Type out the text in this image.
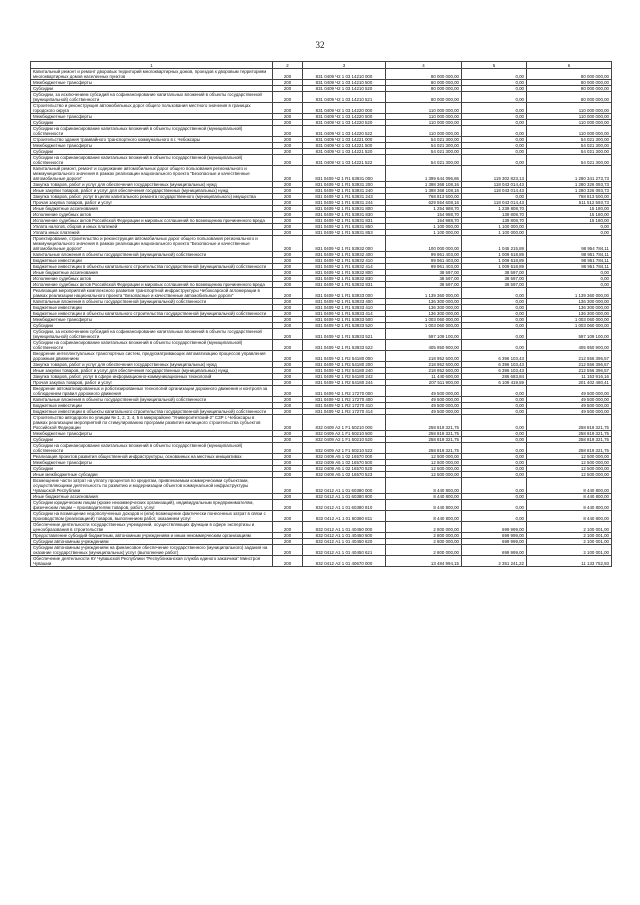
32
1	2	3	4	5	6
Капитальный ремонт и ремонт дворовых территорий многоквартирных домов, проездов к дворовым территориям многоквартирных домов населенных пунктов	200	831 0409 Ч2 1 03 14210 000	80 000 000,00	0,00	80 000 000,00
Межбюджетные трансферты	200	831 0409 Ч2 1 03 14210 500	80 000 000,00	0,00	80 000 000,00
Субсидии	200	831 0409 Ч2 1 03 14210 520	80 000 000,00	0,00	80 000 000,00
Субсидии, за исключением субсидий на софинансирование капитальных вложений в объекты государственной (муниципальной) собственности	200	831 0409 Ч2 1 03 14210 521	80 000 000,00	0,00	80 000 000,00
Строительство и реконструкция автомобильных дорог общего пользования местного значения в границах городского округа	200	831 0409 Ч2 1 03 14220 000	110 000 000,00	0,00	110 000 000,00
Межбюджетные трансферты	200	831 0409 Ч2 1 03 14220 500	110 000 000,00	0,00	110 000 000,00
Субсидии	200	831 0409 Ч2 1 03 14220 520	110 000 000,00	0,00	110 000 000,00
Субсидии на софинансирование капитальных вложений в объекты государственной (муниципальной) собственности	200	831 0409 Ч2 1 03 14220 522	110 000 000,00	0,00	110 000 000,00
Строительство здания трамвайного транспортного коммунального в г. Чебоксары	200	831 0409 Ч2 1 03 14221 000	54 021 300,00	0,00	54 021 300,00
Межбюджетные трансферты	200	831 0409 Ч2 1 03 14221 500	54 021 300,00	0,00	54 021 300,00
Субсидии	200	831 0409 Ч2 1 03 14221 520	54 021 300,00	0,00	54 021 300,00
Субсидии на софинансирование капитальных вложений в объекты государственной (муниципальной) собственности	200	831 0409 Ч2 1 03 14221 522	54 021 300,00	0,00	54 021 300,00
Капитальный ремонт, ремонт и содержание автомобильных дорог общего пользования регионального и межмуниципального значения в рамках реализации национального проекта "Безопасные и качественные автомобильные дороги"	200	831 0409 Ч2 1 R1 53931 000	1 399 644 096,86	119 302 823,13	1 280 341 273,73
Закупка товаров, работ и услуг для обеспечения государственных (муниципальных) нужд	200	831 0409 Ч2 1 R1 53931 200	1 398 368 108,16	118 043 014,43	1 280 326 093,73
Иные закупки товаров, работ и услуг для обеспечения государственных (муниципальных) нужд	200	831 0409 Ч2 1 R1 53931 240	1 398 368 108,16	118 043 014,43	1 280 326 093,73
Закупка товаров, работ, услуг в целях капитального ремонта государственного (муниципального) имущества	200	831 0409 Ч2 1 R1 53931 243	768 813 500,00	0,00	768 813 500,00
Прочая закупка товаров, работ и услуг	200	831 0409 Ч2 1 R1 53931 244	629 554 608,16	118 043 014,43	511 512 593,73
Иные бюджетные ассигнования	200	831 0409 Ч2 1 R1 53931 800	1 254 988,70	1 239 808,70	15 180,00
Исполнение судебных актов	200	831 0409 Ч2 1 R1 53931 830	154 988,70	139 808,70	15 180,00
Исполнение судебных актов Российской Федерации и мировых соглашений по возмещению причиненного вреда	200	831 0409 Ч2 1 R1 53931 831	154 988,70	139 808,70	15 180,00
Уплата налогов, сборов и иных платежей	200	831 0409 Ч2 1 R1 53931 850	1 100 000,00	1 100 000,00	0,00
Уплата иных платежей	200	831 0409 Ч2 1 R1 53931 853	1 100 000,00	1 100 000,00	0,00
Проектирование, строительство и реконструкция автомобильных дорог общего пользования регионального и межмуниципального значения в рамках реализации национального проекта "Безопасные и качественные автомобильные дороги"	200	831 0409 Ч2 1 R1 53932 000	100 000 000,00	1 045 215,89	98 954 784,11
Капитальные вложения в объекты государственной (муниципальной) собственности	200	831 0409 Ч2 1 R1 53932 400	99 961 403,00	1 009 618,89	98 951 784,11
Бюджетные инвестиции	200	831 0409 Ч2 1 R1 53932 410	99 961 403,00	1 009 618,89	98 951 784,11
Бюджетные инвестиции в объекты капитального строительства государственной (муниципальной) собственности	200	831 0409 Ч2 1 R1 53932 414	99 961 403,00	1 009 618,89	98 951 784,11
Иные бюджетные ассигнования	200	831 0409 Ч2 1 R1 53932 800	38 597,00	38 597,00	0,00
Исполнение судебных актов	200	831 0409 Ч2 1 R1 53932 830	38 597,00	38 597,00	0,00
Исполнение судебных актов Российской Федерации и мировых соглашений по возмещению причиненного вреда	200	831 0409 Ч2 1 R1 53932 831	38 597,00	38 597,00	0,00
Реализация мероприятий комплексного развития транспортной инфраструктуры Чебоксарской агломерации в рамках реализации национального проекта "Безопасные и качественные автомобильные дороги"	200	831 0409 Ч2 1 R1 53933 000	1 139 360 000,00	0,00	1 139 360 000,00
Капитальные вложения в объекты государственной (муниципальной) собственности	200	831 0409 Ч2 1 R1 53933 400	136 300 000,00	0,00	136 300 000,00
Бюджетные инвестиции	200	831 0409 Ч2 1 R1 53933 410	136 300 000,00	0,00	136 300 000,00
Бюджетные инвестиции в объекты капитального строительства государственной (муниципальной) собственности	200	831 0409 Ч2 1 R1 53933 414	136 300 000,00	0,00	136 300 000,00
Межбюджетные трансферты	200	831 0409 Ч2 1 R1 53933 500	1 003 060 000,00	0,00	1 003 060 000,00
Субсидии	200	831 0409 Ч2 1 R1 53933 520	1 003 060 000,00	0,00	1 003 060 000,00
Субсидии, за исключением субсидий на софинансирование капитальных вложений в объекты государственной (муниципальной) собственности	200	831 0409 Ч2 1 R1 53933 521	597 109 100,00	0,00	597 109 100,00
Субсидии на софинансирование капитальных вложений в объекты государственной (муниципальной) собственности	200	831 0409 Ч2 1 R1 53933 522	405 950 900,00	0,00	405 950 900,00
Внедрение интеллектуальных транспортных систем, предусматривающих автоматизацию процессов управления дорожным движением	200	831 0409 Ч2 1 R2 54180 000	218 952 500,00	6 396 103,43	212 556 396,57
Закупка товаров, работ и услуг для обеспечения государственных (муниципальных) нужд	200	831 0409 Ч2 1 R2 54180 200	218 952 500,00	6 396 103,43	212 556 396,57
Иные закупки товаров, работ и услуг для обеспечения государственных (муниципальных) нужд	200	831 0409 Ч2 1 R2 54180 240	218 952 500,00	6 396 103,43	212 556 396,57
Закупка товаров, работ, услуг в сфере информационно-коммуникационных технологий	200	831 0409 Ч2 1 R2 54180 242	11 440 600,00	286 683,84	11 153 916,16
Прочая закупка товаров, работ и услуг	200	831 0409 Ч2 1 R2 54180 244	207 511 900,00	6 109 419,59	201 402 480,41
Внедрение автоматизированных и роботизированных технологий организации дорожного движения и контроля за соблюдением правил дорожного движения	200	831 0409 Ч2 1 R2 17270 000	49 500 000,00	0,00	49 500 000,00
Капитальные вложения в объекты государственной (муниципальной) собственности	200	831 0409 Ч2 1 R2 17270 400	49 500 000,00	0,00	49 500 000,00
Бюджетные инвестиции	200	831 0409 Ч2 1 R2 17270 410	49 500 000,00	0,00	49 500 000,00
Бюджетные инвестиции в объекты капитального строительства государственной (муниципальной) собственности	200	831 0409 Ч2 1 R2 17270 414	49 500 000,00	0,00	49 500 000,00
Строительство автодороги по улицам № 1, 2, 3, 4, 5 в микрорайоне "Университетский-2" СЗР г. Чебоксары в рамках реализации мероприятий по стимулированию программ развития жилищного строительства субъектов Российской Федерации	200	832 0409 А2 1 F1 50210 000	258 819 321,75	0,00	258 819 321,75
Межбюджетные трансферты	200	832 0409 А2 1 F1 50210 500	258 819 321,75	0,00	258 819 321,75
Субсидии	200	832 0409 А2 1 F1 50210 520	258 819 321,75	0,00	258 819 321,75
Субсидии на софинансирование капитальных вложений в объекты государственной (муниципальной) собственности	200	832 0409 А2 1 F1 50210 522	258 819 321,75	0,00	258 819 321,75
Реализация проектов развития общественной инфраструктуры, основанных на местных инициативах	200	832 0409 А5 1 02 16570 000	12 500 000,00	0,00	12 500 000,00
Межбюджетные трансферты	200	832 0409 А5 1 02 16570 500	12 500 000,00	0,00	12 500 000,00
Субсидии	200	832 0409 А5 1 02 16570 520	12 500 000,00	0,00	12 500 000,00
Иные межбюджетные субсидии	200	832 0409 А5 1 02 16570 523	12 500 000,00	0,00	12 500 000,00
Возмещение части затрат на уплату процентов по кредитам, привлекаемым коммерческими субъектами, осуществляющими деятельность по развитию и модернизации объектов коммунальной инфраструктуры Чувашской Республики	200	832 0412 А1 1 01 60380 000	8 440 800,00	0,00	8 440 800,00
Иные бюджетные ассигнования	200	832 0412 А1 1 01 60380 800	8 440 800,00	0,00	8 440 800,00
Субсидии юридическим лицам (кроме некоммерческих организаций), индивидуальным предпринимателям, физическим лицам – производителям товаров, работ, услуг	200	832 0412 А1 1 01 60380 810	8 440 800,00	0,00	8 440 800,00
Субсидии на возмещение недополученных доходов и (или) возмещение фактически понесенных затрат в связи с производством (реализацией) товаров, выполнением работ, оказанием услуг	200	832 0412 А1 1 01 60380 811	8 440 800,00	0,00	8 440 800,00
Обеспечение деятельности государственных учреждений, осуществляющих функции в сфере экспертизы и ценообразования в строительстве	200	832 0412 А1 1 01 40450 000	2 800 000,00	699 999,00	2 100 001,00
Предоставление субсидий бюджетным, автономным учреждениям и иным некоммерческим организациям	200	832 0412 А1 1 01 40450 600	2 800 000,00	699 999,00	2 100 001,00
Субсидии автономным учреждениям	200	832 0412 А1 1 01 40450 620	2 800 000,00	699 999,00	2 100 001,00
Субсидии автономным учреждениям на финансовое обеспечение государственного (муниципального) задания на оказание государственных (муниципальных) услуг (выполнение работ)	200	832 0412 А1 1 01 40450 621	2 800 000,00	699 999,00	2 100 001,00
Обеспечение деятельности КУ Чувашской Республики "Республиканская служба единого заказчика" Минстроя Чувашии	200	832 0412 А2 1 01 40670 000	13 484 994,15	2 351 241,22	11 133 752,93
